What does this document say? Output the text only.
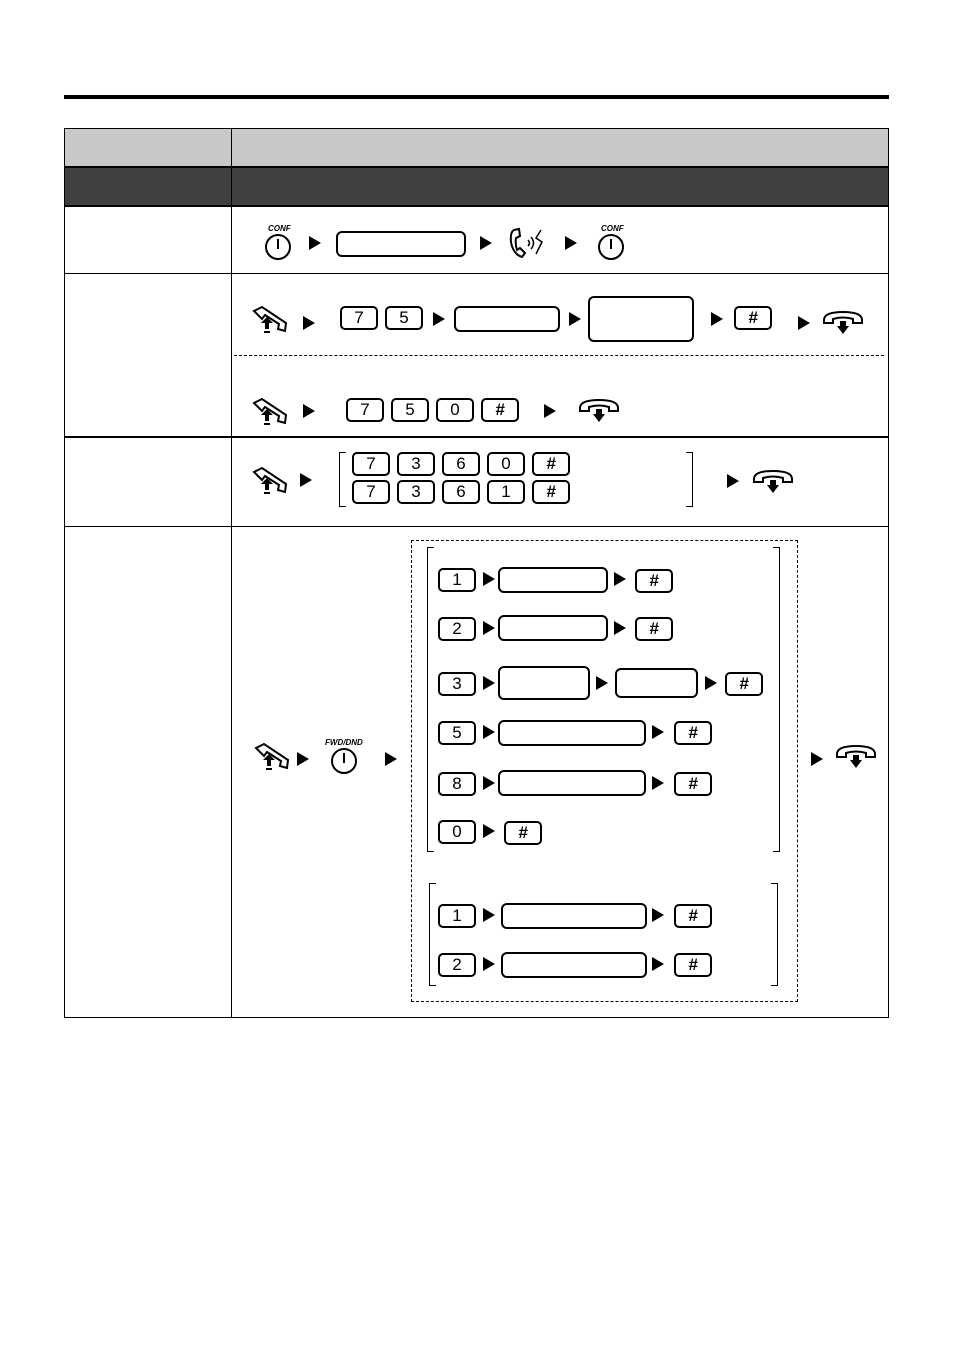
CONF	CONF
7	5	#
7	5	0	#
7	3	6	0	#
7	3	6	1	#
FWD/DND
1	#
2	#
3	#
5	#
8	#
0	#
1	#
2	#
